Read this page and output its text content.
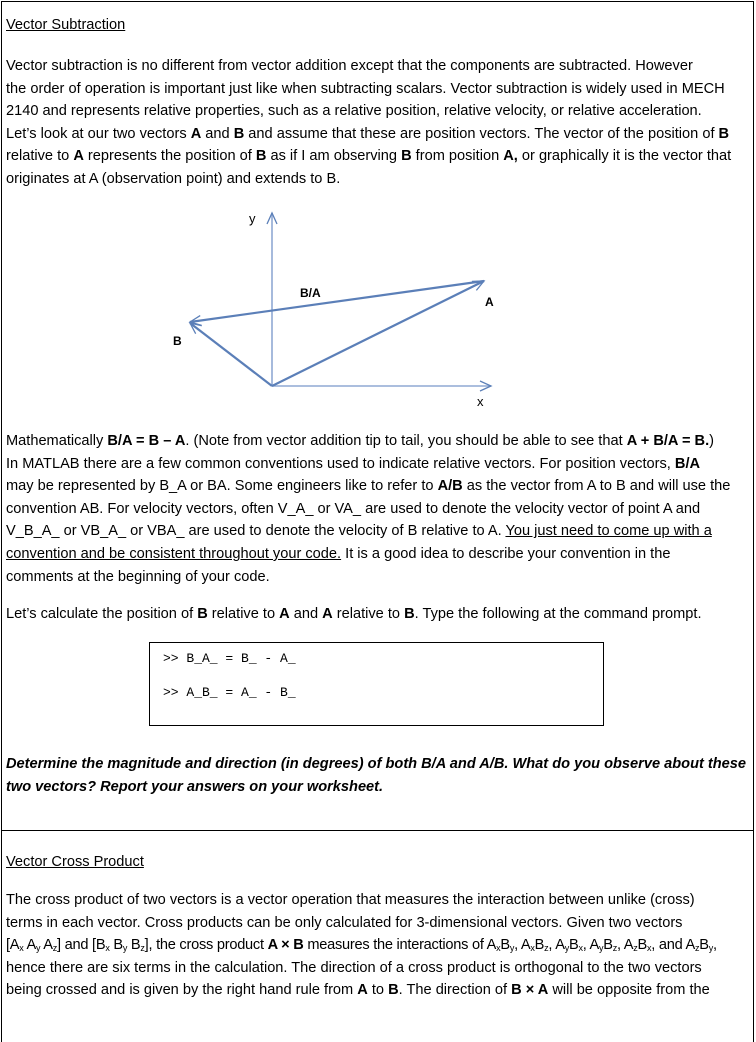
Vector Subtraction

Vector subtraction is no different from vector addition except that the components are subtracted. However

the order of operation is important just like when subtracting scalars. Vector subtraction is widely used in MECH

2140 and represents relative properties, such as a relative position, relative velocity, or relative acceleration.

Let’s look at our two vectors A and B and assume that these are position vectors. The vector of the position of B

relative to A represents the position of B as if I am observing B from position A, or graphically it is the vector that

originates at A (observation point) and extends to B.

y
x
A
B
B/A

Mathematically B/A = B – A. (Note from vector addition tip to tail, you should be able to see that A + B/A = B.)

In MATLAB there are a few common conventions used to indicate relative vectors. For position vectors, B/A

may be represented by B_A or BA. Some engineers like to refer to A/B as the vector from A to B and will use the

convention AB. For velocity vectors, often V_A_ or VA_ are used to denote the velocity vector of point A and

V_B_A_ or VB_A_ or VBA_ are used to denote the velocity of B relative to A. You just need to come up with a

convention and be consistent throughout your code. It is a good idea to describe your convention in the

comments at the beginning of your code.

Let’s calculate the position of B relative to A and A relative to B. Type the following at the command prompt.

>> B_A_ = B_ - A_
>> A_B_ = A_ - B_

Determine the magnitude and direction (in degrees) of both B/A and A/B. What do you observe about these

two vectors? Report your answers on your worksheet.

Vector Cross Product

The cross product of two vectors is a vector operation that measures the interaction between unlike (cross)

terms in each vector. Cross products can be only calculated for 3-dimensional vectors. Given two vectors

[$A_x$ $A_y$ $A_z$] and [$B_x$ $B_y$ $B_z$], the cross product A × B measures the interactions of $A_xB_y$, $A_xB_z$, $A_yB_x$, $A_yB_z$, $A_zB_x$, and $A_zB_y$,

hence there are six terms in the calculation. The direction of a cross product is orthogonal to the two vectors

being crossed and is given by the right hand rule from A to B. The direction of B × A will be opposite from the
